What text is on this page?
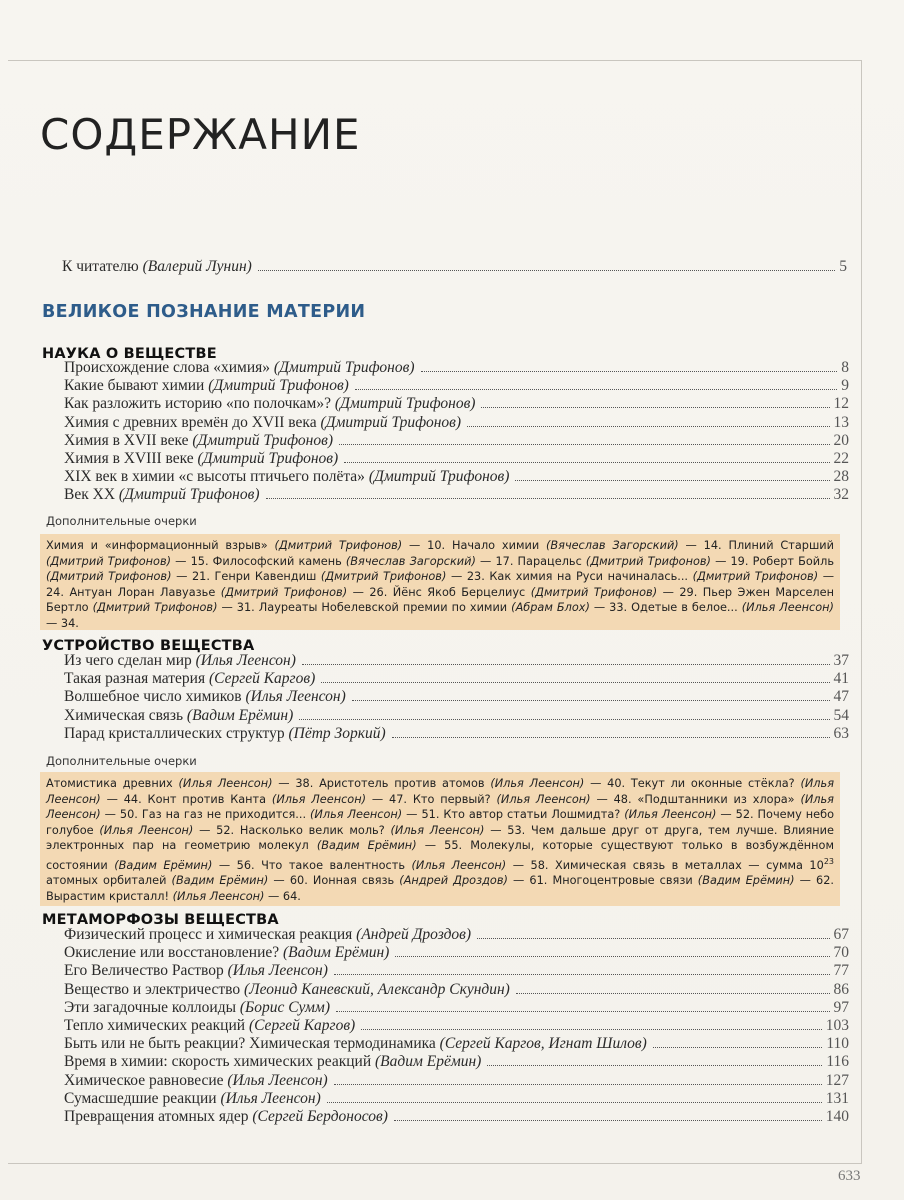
СОДЕРЖАНИЕ
К читателю (Валерий Лунин)	5
ВЕЛИКОЕ ПОЗНАНИЕ МАТЕРИИ
НАУКА О ВЕЩЕСТВЕ
Происхождение слова «химия» (Дмитрий Трифонов)	8
Какие бывают химии (Дмитрий Трифонов)	9
Как разложить историю «по полочкам»? (Дмитрий Трифонов)	12
Химия с древних времён до XVII века (Дмитрий Трифонов)	13
Химия в XVII веке (Дмитрий Трифонов)	20
Химия в XVIII веке (Дмитрий Трифонов)	22
XIX век в химии «с высоты птичьего полёта» (Дмитрий Трифонов)	28
Век XX (Дмитрий Трифонов)	32
Дополнительные очерки
Химия и «информационный взрыв» (Дмитрий Трифонов) — 10. Начало химии (Вячеслав Загорский) — 14. Плиний Старший (Дмитрий Трифонов) — 15. Философский камень (Вячеслав Загорский) — 17. Парацельс (Дмитрий Трифонов) — 19. Роберт Бойль (Дмитрий Трифонов) — 21. Генри Кавендиш (Дмитрий Трифонов) — 23. Как химия на Руси начиналась... (Дмитрий Трифонов) — 24. Антуан Лоран Лавуазье (Дмитрий Трифонов) — 26. Йёнс Якоб Берцелиус (Дмитрий Трифонов) — 29. Пьер Эжен Марселен Бертло (Дмитрий Трифонов) — 31. Лауреаты Нобелевской премии по химии (Абрам Блох) — 33. Одетые в белое... (Илья Леенсон) — 34.
УСТРОЙСТВО ВЕЩЕСТВА
Из чего сделан мир (Илья Леенсон)	37
Такая разная материя (Сергей Каргов)	41
Волшебное число химиков (Илья Леенсон)	47
Химическая связь (Вадим Ерёмин)	54
Парад кристаллических структур (Пётр Зоркий)	63
Дополнительные очерки
Атомистика древних (Илья Леенсон) — 38. Аристотель против атомов (Илья Леенсон) — 40. Текут ли оконные стёкла? (Илья Леенсон) — 44. Конт против Канта (Илья Леенсон) — 47. Кто первый? (Илья Леенсон) — 48. «Подштанники из хлора» (Илья Леенсон) — 50. Газ на газ не приходится... (Илья Леенсон) — 51. Кто автор статьи Лошмидта? (Илья Леенсон) — 52. Почему небо голубое (Илья Леенсон) — 52. Насколько велик моль? (Илья Леенсон) — 53. Чем дальше друг от друга, тем лучше. Влияние электронных пар на геометрию молекул (Вадим Ерёмин) — 55. Молекулы, которые существуют только в возбуждённом состоянии (Вадим Ерёмин) — 56. Что такое валентность (Илья Леенсон) — 58. Химическая связь в металлах — сумма $10^{23}$ атомных орбиталей (Вадим Ерёмин) — 60. Ионная связь (Андрей Дроздов) — 61. Многоцентровые связи (Вадим Ерёмин) — 62. Вырастим кристалл! (Илья Леенсон) — 64.
МЕТАМОРФОЗЫ ВЕЩЕСТВА
Физический процесс и химическая реакция (Андрей Дроздов)	67
Окисление или восстановление? (Вадим Ерёмин)	70
Его Величество Раствор (Илья Леенсон)	77
Вещество и электричество (Леонид Каневский, Александр Скундин)	86
Эти загадочные коллоиды (Борис Сумм)	97
Тепло химических реакций (Сергей Каргов)	103
Быть или не быть реакции? Химическая термодинамика (Сергей Каргов, Игнат Шилов)	110
Время в химии: скорость химических реакций (Вадим Ерёмин)	116
Химическое равновесие (Илья Леенсон)	127
Сумасшедшие реакции (Илья Леенсон)	131
Превращения атомных ядер (Сергей Бердоносов)	140
633
